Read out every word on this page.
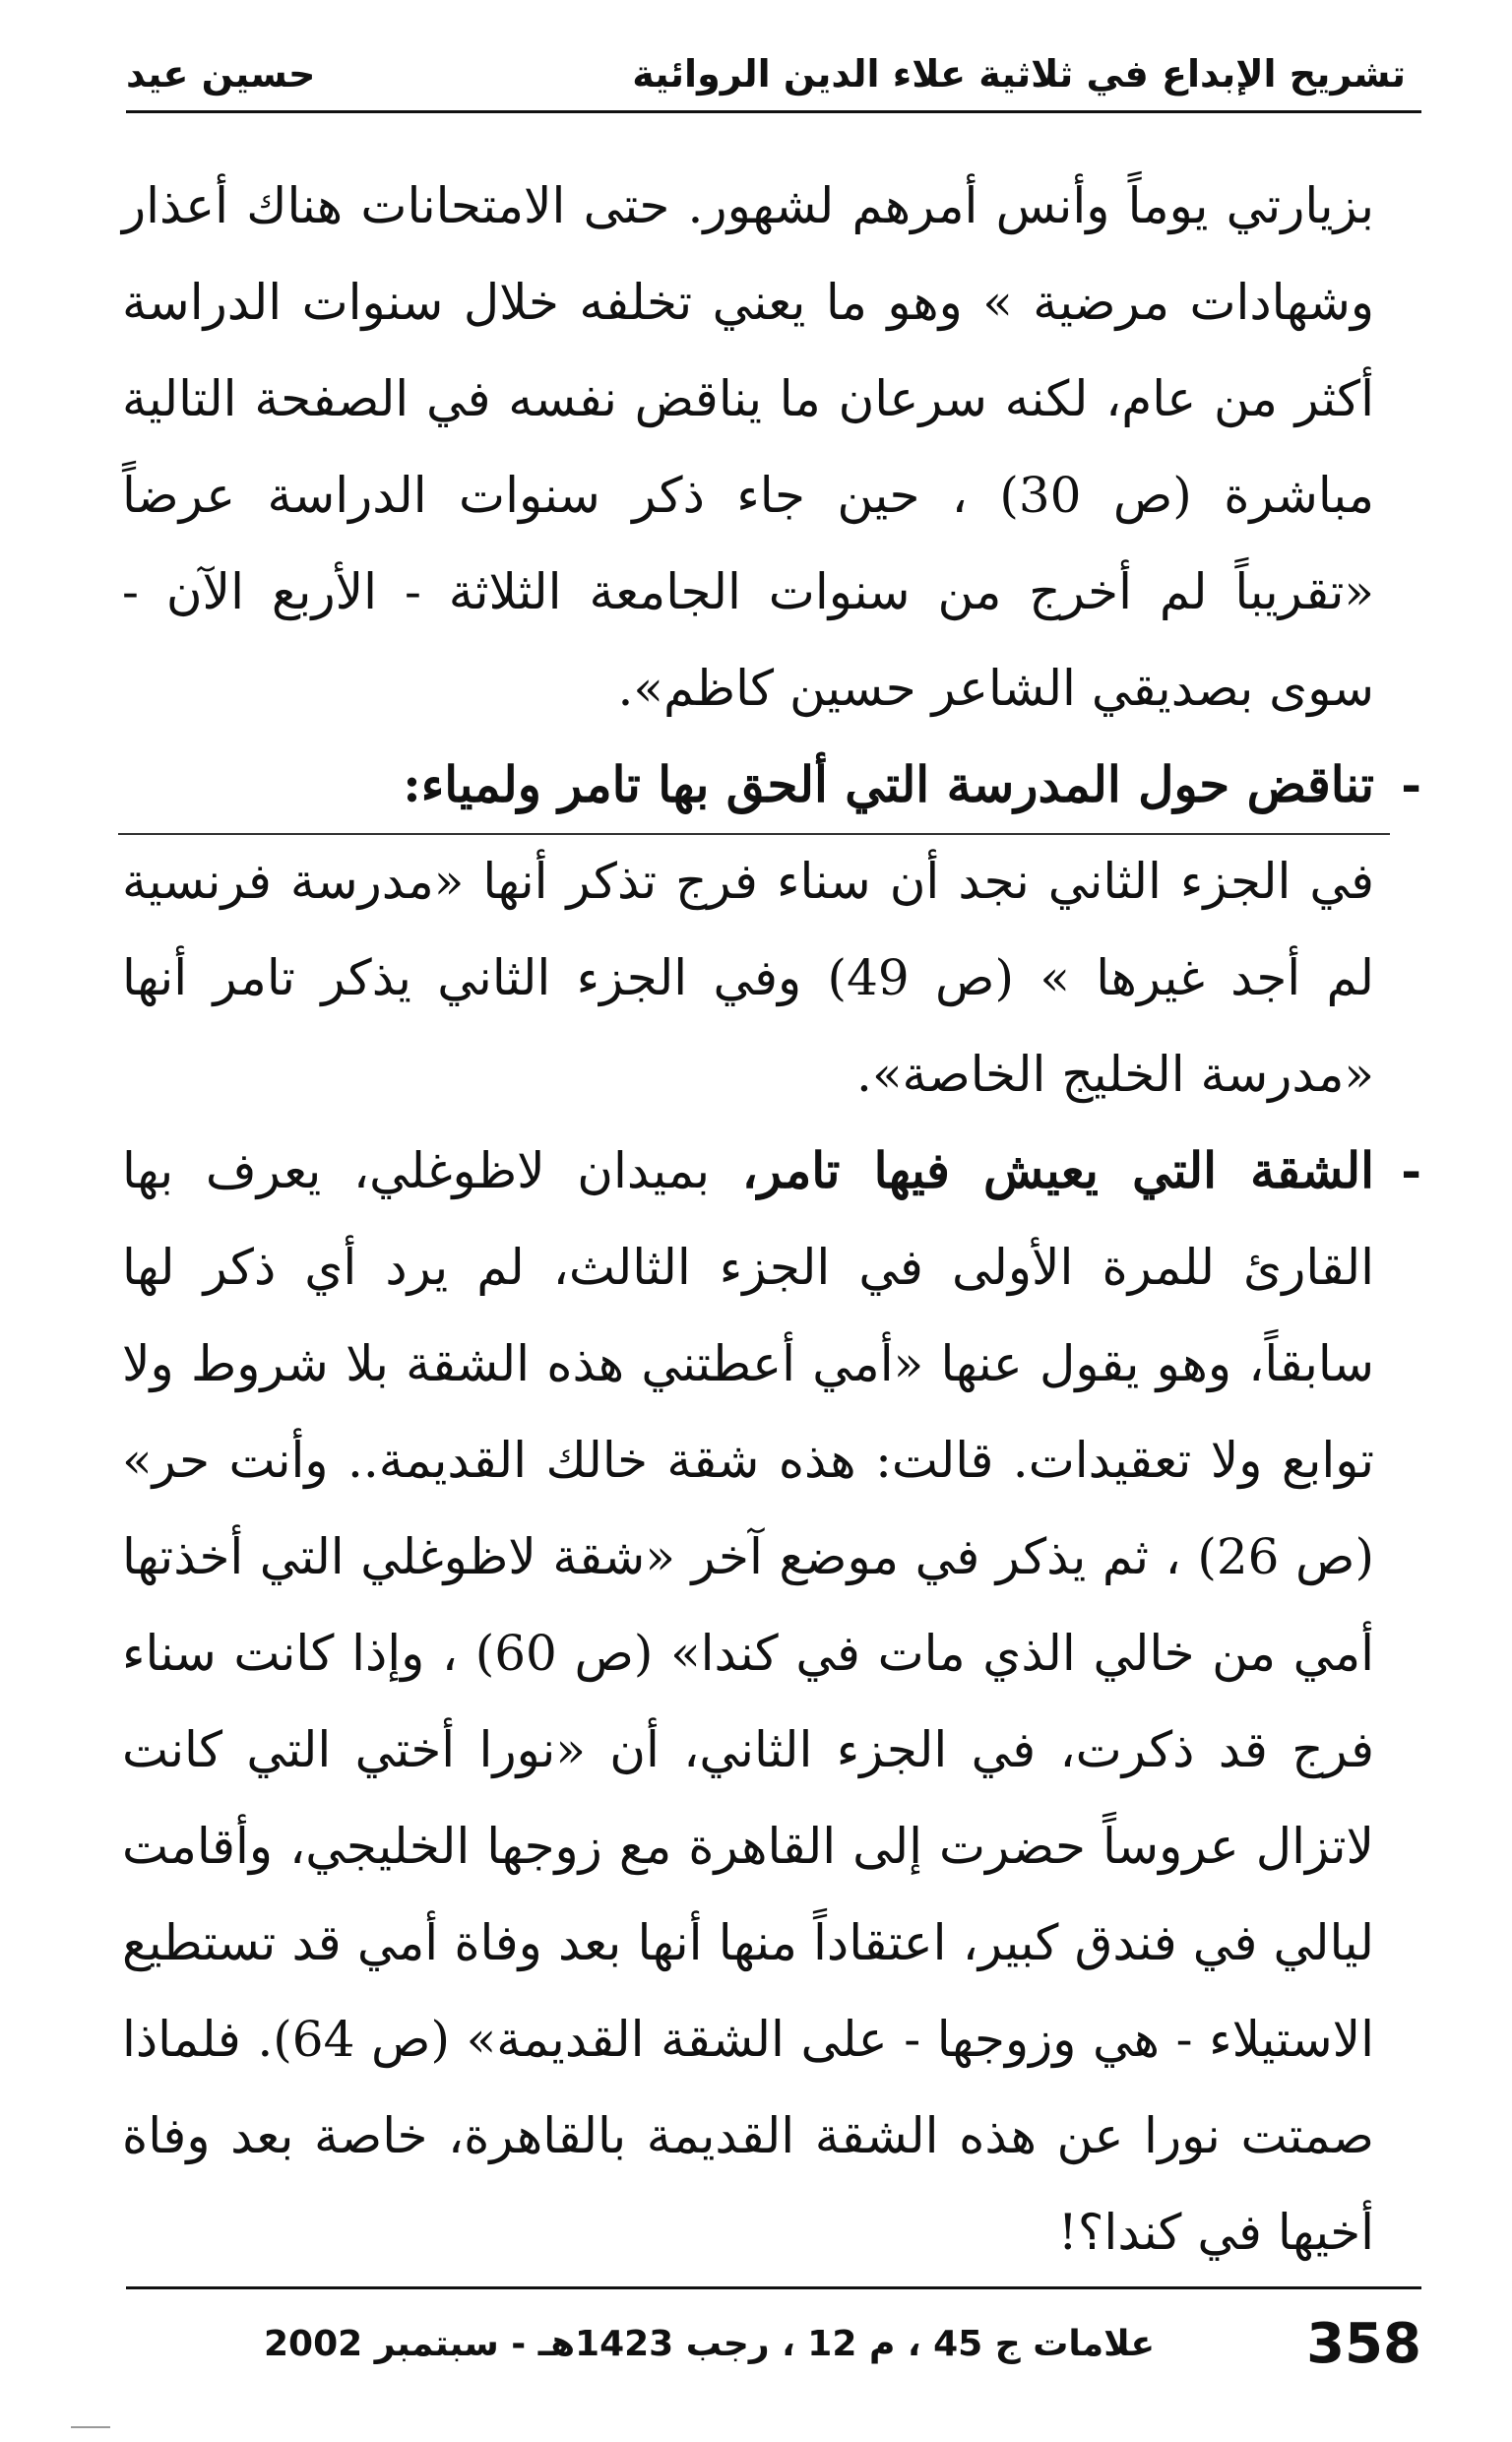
تشريح الإبداع في ثلاثية علاء الدين الروائية
حسين عيد

بزيارتي يوماً وأنس أمرهم لشهور. حتى الامتحانات هناك أعذار وشهادات مرضية » وهو ما يعني تخلفه خلال سنوات الدراسة أكثر من عام، لكنه سرعان ما يناقض نفسه في الصفحة التالية مباشرة (ص 30) ، حين جاء ذكر سنوات الدراسة عرضاً «تقريباً لم أخرج من سنوات الجامعة الثلاثة - الأربع الآن - سوى بصديقي الشاعر حسين كاظم».

-

تناقض حول المدرسة التي ألحق بها تامر ولمياء:

في الجزء الثاني نجد أن سناء فرج تذكر أنها «مدرسة فرنسية لم أجد غيرها » (ص 49) وفي الجزء الثاني يذكر تامر أنها «مدرسة الخليج الخاصة».

-

الشقة التي يعيش فيها تامر، بميدان لاظوغلي، يعرف بها القارئ للمرة الأولى في الجزء الثالث، لم يرد أي ذكر لها سابقاً، وهو يقول عنها «أمي أعطتني هذه الشقة بلا شروط ولا توابع ولا تعقيدات. قالت: هذه شقة خالك القديمة.. وأنت حر» (ص 26) ، ثم يذكر في موضع آخر «شقة لاظوغلي التي أخذتها أمي من خالي الذي مات في كندا» (ص 60) ، وإذا كانت سناء فرج قد ذكرت، في الجزء الثاني، أن «نورا أختي التي كانت لاتزال عروساً حضرت إلى القاهرة مع زوجها الخليجي، وأقامت ليالي في فندق كبير، اعتقاداً منها أنها بعد وفاة أمي قد تستطيع الاستيلاء - هي وزوجها - على الشقة القديمة» (ص 64). فلماذا صمتت نورا عن هذه الشقة القديمة بالقاهرة، خاصة بعد وفاة أخيها في كندا؟!

358
علامات ج 45 ، م 12 ، رجب 1423هـ - سبتمبر 2002
